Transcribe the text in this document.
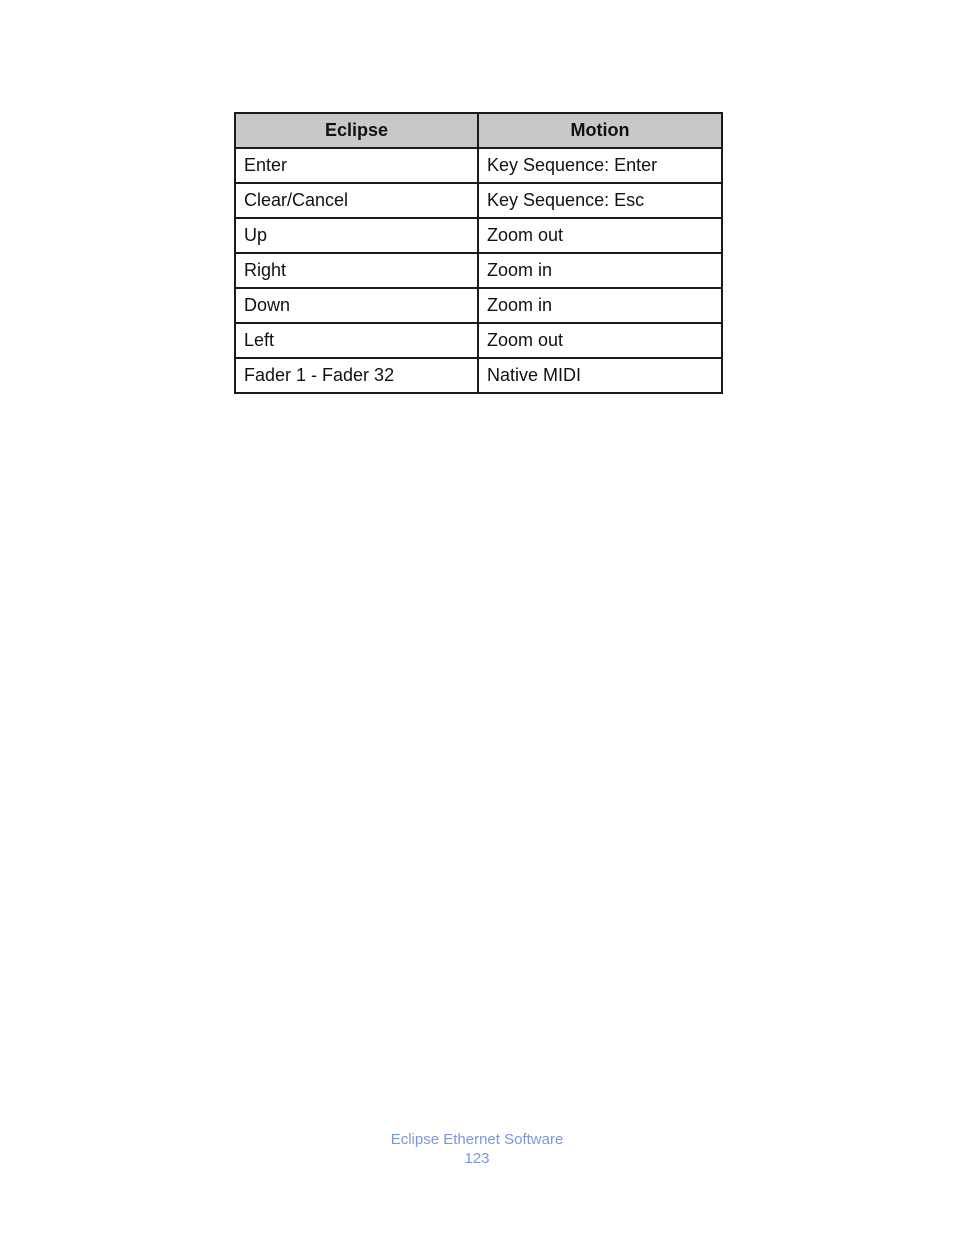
Eclipse	Motion
Enter	Key Sequence: Enter
Clear/Cancel	Key Sequence: Esc
Up	Zoom out
Right	Zoom in
Down	Zoom in
Left	Zoom out
Fader 1 - Fader 32	Native MIDI
Eclipse Ethernet Software
123
